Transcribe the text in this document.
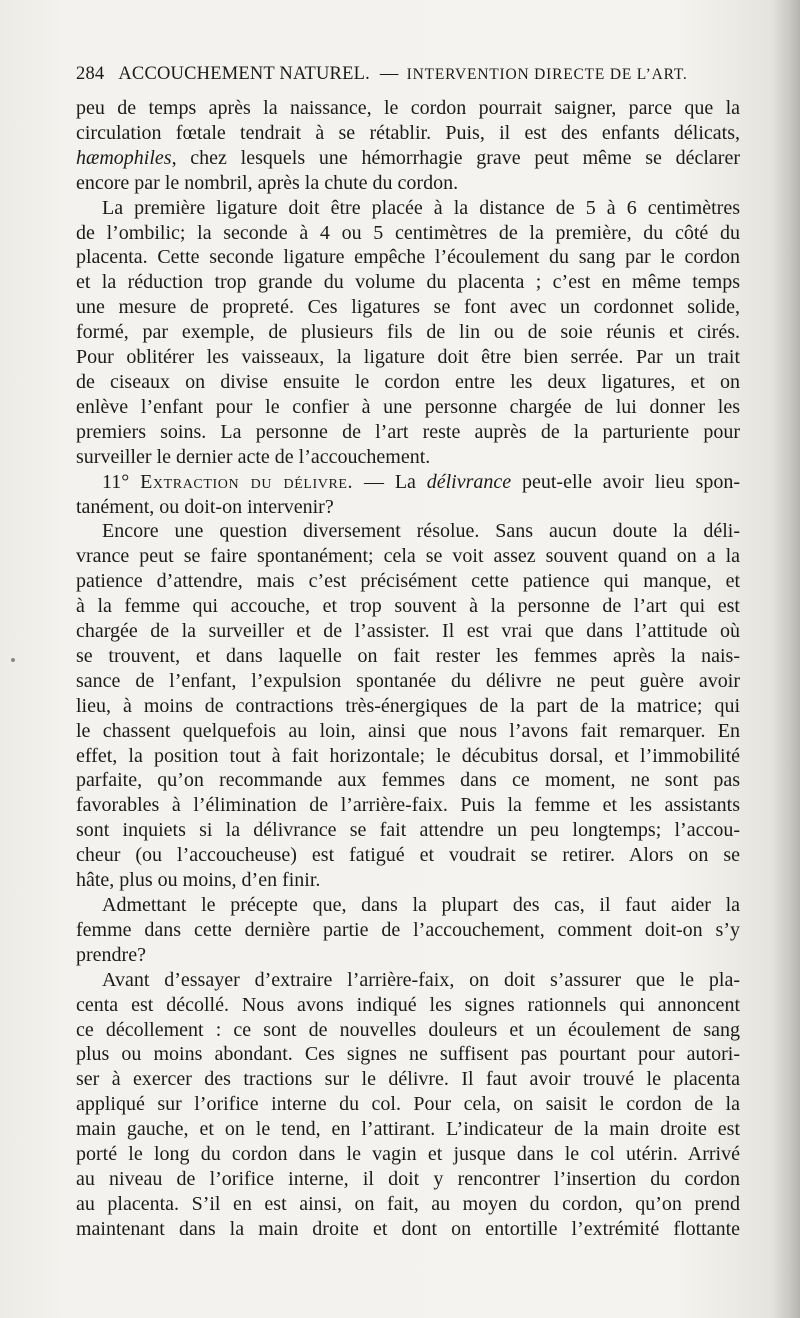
284 ACCOUCHEMENT NATUREL. — INTERVENTION DIRECTE DE L’ART.
peu de temps après la naissance, le cordon pourrait saigner, parce que la
circulation fœtale tendrait à se rétablir. Puis, il est des enfants délicats,
hæmophiles, chez lesquels une hémorrhagie grave peut même se déclarer
encore par le nombril, après la chute du cordon.
La première ligature doit être placée à la distance de 5 à 6 centimètres
de l’ombilic; la seconde à 4 ou 5 centimètres de la première, du côté du
placenta. Cette seconde ligature empêche l’écoulement du sang par le cordon
et la réduction trop grande du volume du placenta ; c’est en même temps
une mesure de propreté. Ces ligatures se font avec un cordonnet solide,
formé, par exemple, de plusieurs fils de lin ou de soie réunis et cirés.
Pour oblitérer les vaisseaux, la ligature doit être bien serrée. Par un trait
de ciseaux on divise ensuite le cordon entre les deux ligatures, et on
enlève l’enfant pour le confier à une personne chargée de lui donner les
premiers soins. La personne de l’art reste auprès de la parturiente pour
surveiller le dernier acte de l’accouchement.
11° Extraction du délivre. — La délivrance peut-elle avoir lieu spon-
tanément, ou doit-on intervenir?
Encore une question diversement résolue. Sans aucun doute la déli-
vrance peut se faire spontanément; cela se voit assez souvent quand on a la
patience d’attendre, mais c’est précisément cette patience qui manque, et
à la femme qui accouche, et trop souvent à la personne de l’art qui est
chargée de la surveiller et de l’assister. Il est vrai que dans l’attitude où
se trouvent, et dans laquelle on fait rester les femmes après la nais-
sance de l’enfant, l’expulsion spontanée du délivre ne peut guère avoir
lieu, à moins de contractions très-énergiques de la part de la matrice; qui
le chassent quelquefois au loin, ainsi que nous l’avons fait remarquer. En
effet, la position tout à fait horizontale; le décubitus dorsal, et l’immobilité
parfaite, qu’on recommande aux femmes dans ce moment, ne sont pas
favorables à l’élimination de l’arrière-faix. Puis la femme et les assistants
sont inquiets si la délivrance se fait attendre un peu longtemps; l’accou-
cheur (ou l’accoucheuse) est fatigué et voudrait se retirer. Alors on se
hâte, plus ou moins, d’en finir.
Admettant le précepte que, dans la plupart des cas, il faut aider la
femme dans cette dernière partie de l’accouchement, comment doit-on s’y
prendre?
Avant d’essayer d’extraire l’arrière-faix, on doit s’assurer que le pla-
centa est décollé. Nous avons indiqué les signes rationnels qui annoncent
ce décollement : ce sont de nouvelles douleurs et un écoulement de sang
plus ou moins abondant. Ces signes ne suffisent pas pourtant pour autori-
ser à exercer des tractions sur le délivre. Il faut avoir trouvé le placenta
appliqué sur l’orifice interne du col. Pour cela, on saisit le cordon de la
main gauche, et on le tend, en l’attirant. L’indicateur de la main droite est
porté le long du cordon dans le vagin et jusque dans le col utérin. Arrivé
au niveau de l’orifice interne, il doit y rencontrer l’insertion du cordon
au placenta. S’il en est ainsi, on fait, au moyen du cordon, qu’on prend
maintenant dans la main droite et dont on entortille l’extrémité flottante
